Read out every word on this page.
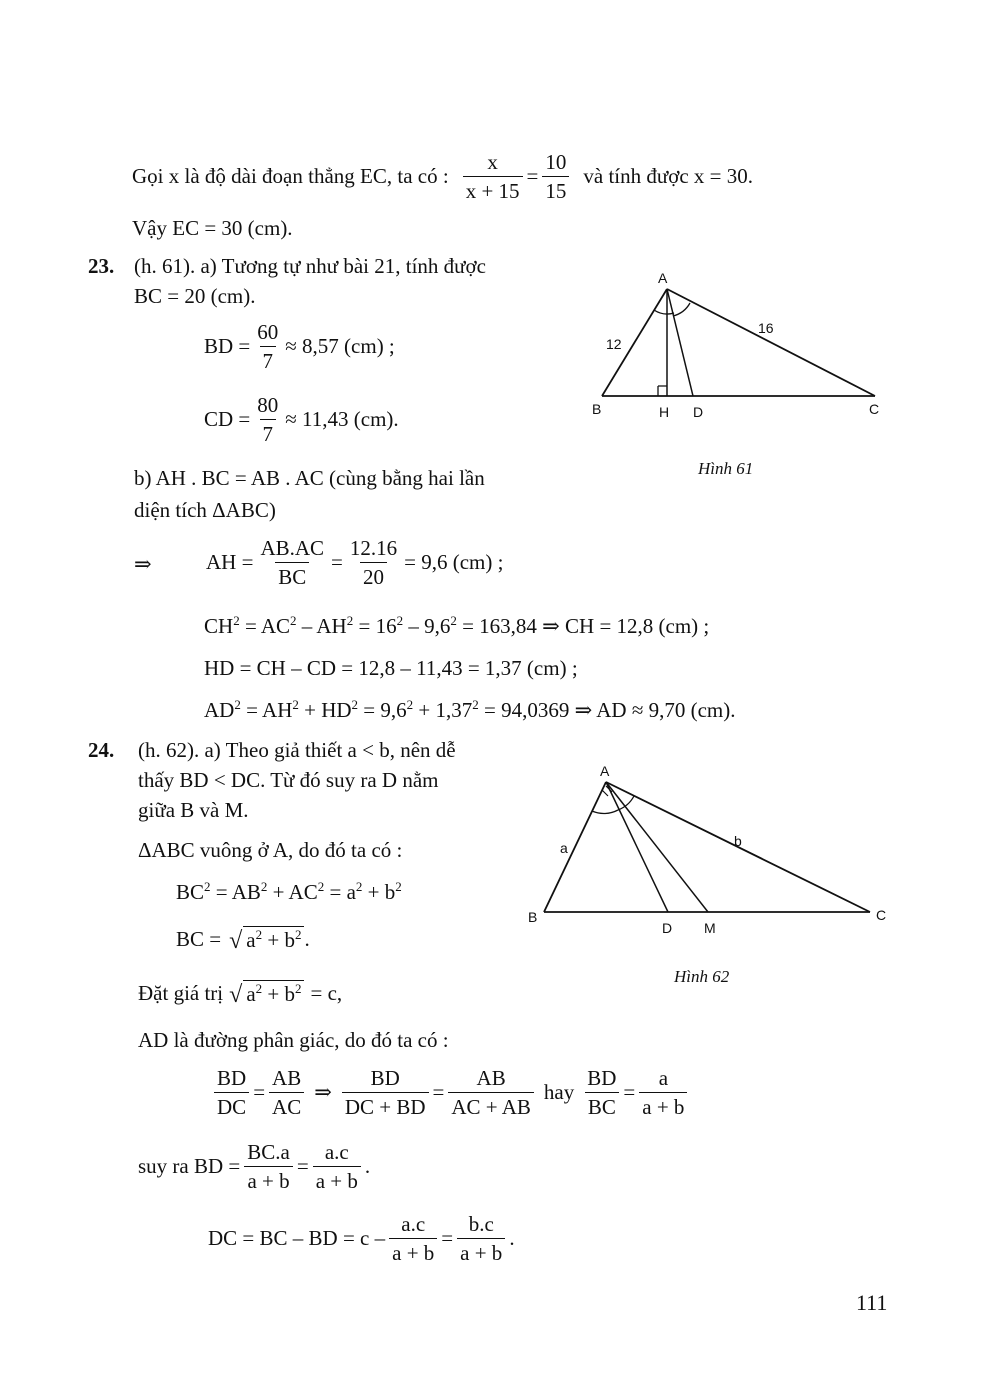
Gọi x là độ dài đoạn thẳng EC, ta có : $\frac{x}{x + 15} = \frac{10}{15}$ và tính được x = 30.
Vậy EC = 30 (cm).
23. (h. 61). a) Tương tự như bài 21, tính được
BC = 20 (cm).
BD = $\frac{60}{7} \approx 8,57$ (cm) ;
CD = $\frac{80}{7} \approx 11,43$ (cm).
b) AH . BC = AB . AC (cùng bằng hai lần
diện tích ΔABC)
⇒	AH = $\frac{AB.AC}{BC} = \frac{12.16}{20} = 9,6$ (cm) ;
$CH^2 = AC^2 - AH^2 = 16^2 - 9,6^2 = 163,84$ ⇒ CH = 12,8 (cm) ;
HD = CH – CD = 12,8 – 11,43 = 1,37 (cm) ;
$AD^2 = AH^2 + HD^2 = 9,6^2 + 1,37^2 = 94,0369$ ⇒ AD ≈ 9,70 (cm).
A
B	C
H D
12
16
Hình 61
24. (h. 62). a) Theo giả thiết a < b, nên dễ
thấy BD < DC. Từ đó suy ra D nằm
giữa B và M.
ΔABC vuông ở A, do đó ta có :
$BC^2 = AB^2 + AC^2 = a^2 + b^2$
BC = √ $a^2 + b^2$ .
Đặt giá trị √ $a^2 + b^2 = c$,
AD là đường phân giác, do đó ta có :
$\frac{BD}{DC} = \frac{AB}{AC}$ ⇒ $\frac{BD}{DC + BD} = \frac{AB}{AC + AB}$ hay $\frac{BD}{BC} = \frac{a}{a + b}$
suy ra BD = $\frac{BC.a}{a + b} = \frac{a.c}{a + b}$ .
DC = BC – BD = $c - \frac{a.c}{a + b} = \frac{b.c}{a + b}$ .
A
B	C
D M
a	b
Hình 62
111
